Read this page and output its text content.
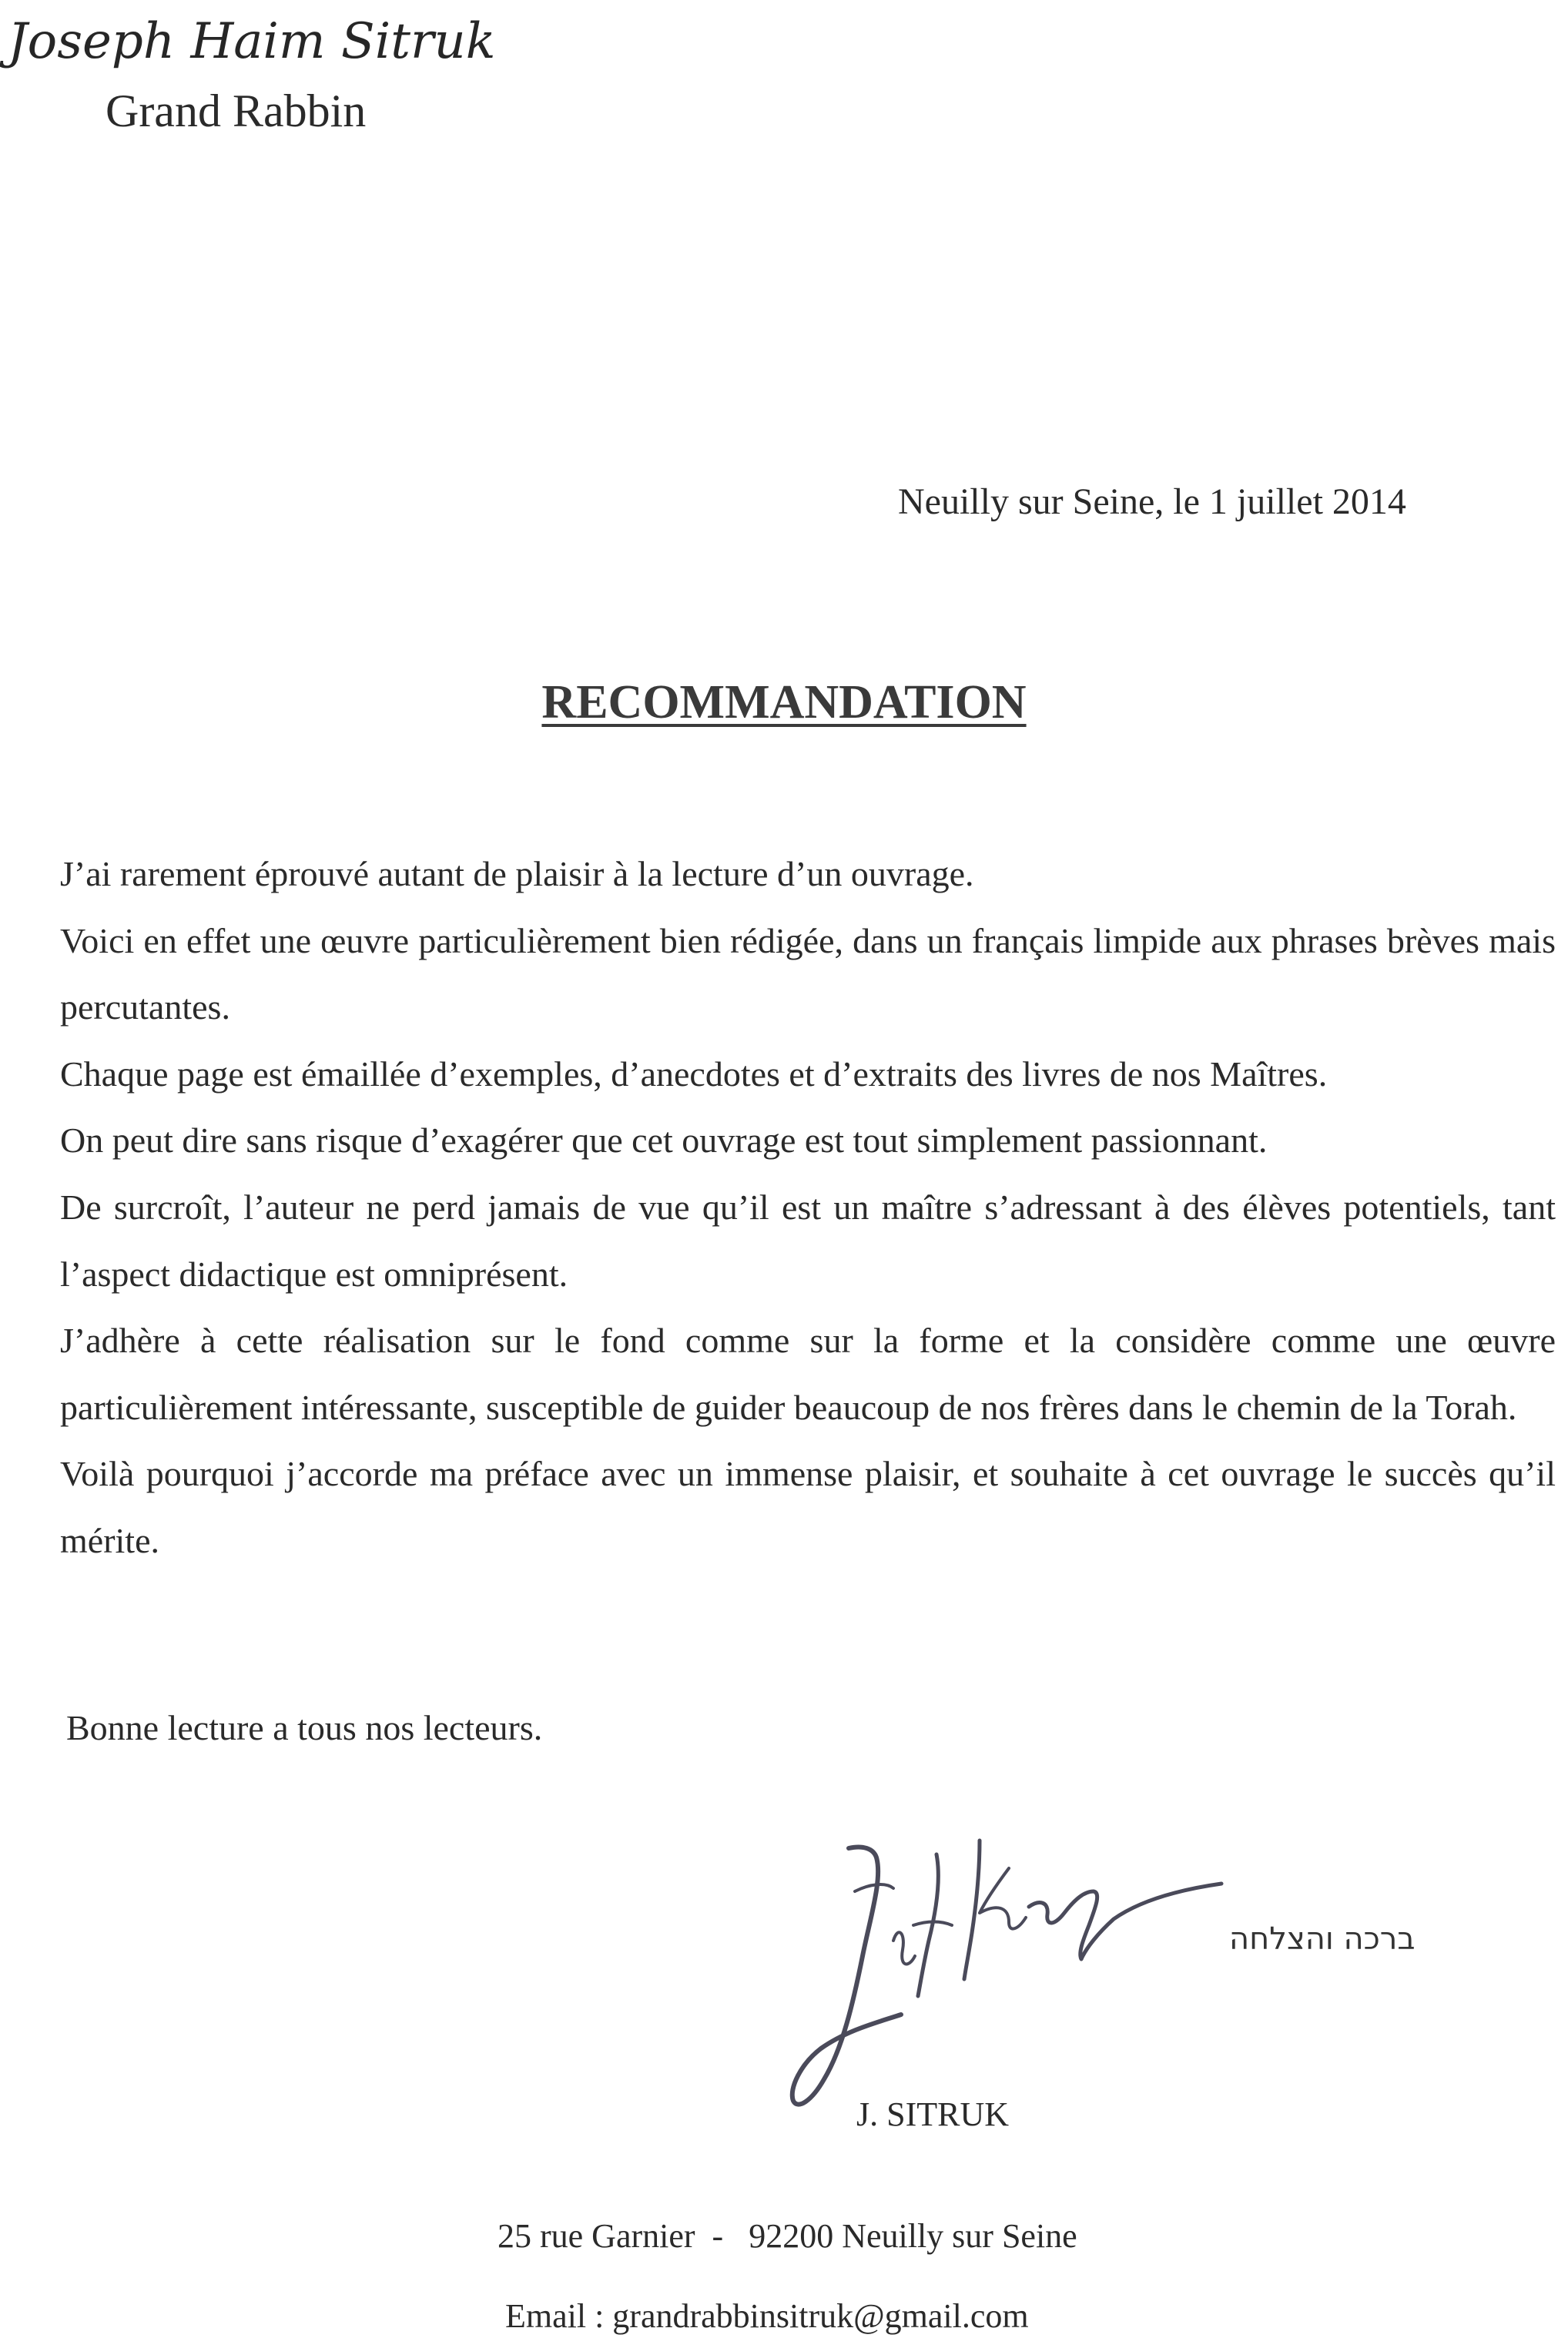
Joseph Haim Sitruk
Grand Rabbin
Neuilly sur Seine, le 1 juillet 2014
RECOMMANDATION

J’ai rarement éprouvé autant de plaisir à la lecture d’un ouvrage.

Voici en effet une œuvre particulièrement bien rédigée, dans un français limpide aux phrases brèves mais percutantes.

Chaque page est émaillée d’exemples, d’anecdotes et d’extraits des livres de nos Maîtres.

On peut dire sans risque d’exagérer que cet ouvrage est tout simplement passionnant.

De surcroît, l’auteur ne perd jamais de vue qu’il est un maître s’adressant à des élèves potentiels, tant l’aspect didactique est omniprésent.

J’adhère à cette réalisation sur le fond comme sur la forme et la considère comme une œuvre particulièrement intéressante, susceptible de guider beaucoup de nos frères dans le chemin de la Torah.

Voilà pourquoi j’accorde ma préface avec un immense plaisir, et souhaite à cet ouvrage le succès qu’il mérite.

Bonne lecture a tous nos lecteurs.
ברכה והצלחה
J. SITRUK
25 rue Garnier  -   92200 Neuilly sur Seine
Email : grandrabbinsitruk@gmail.com
